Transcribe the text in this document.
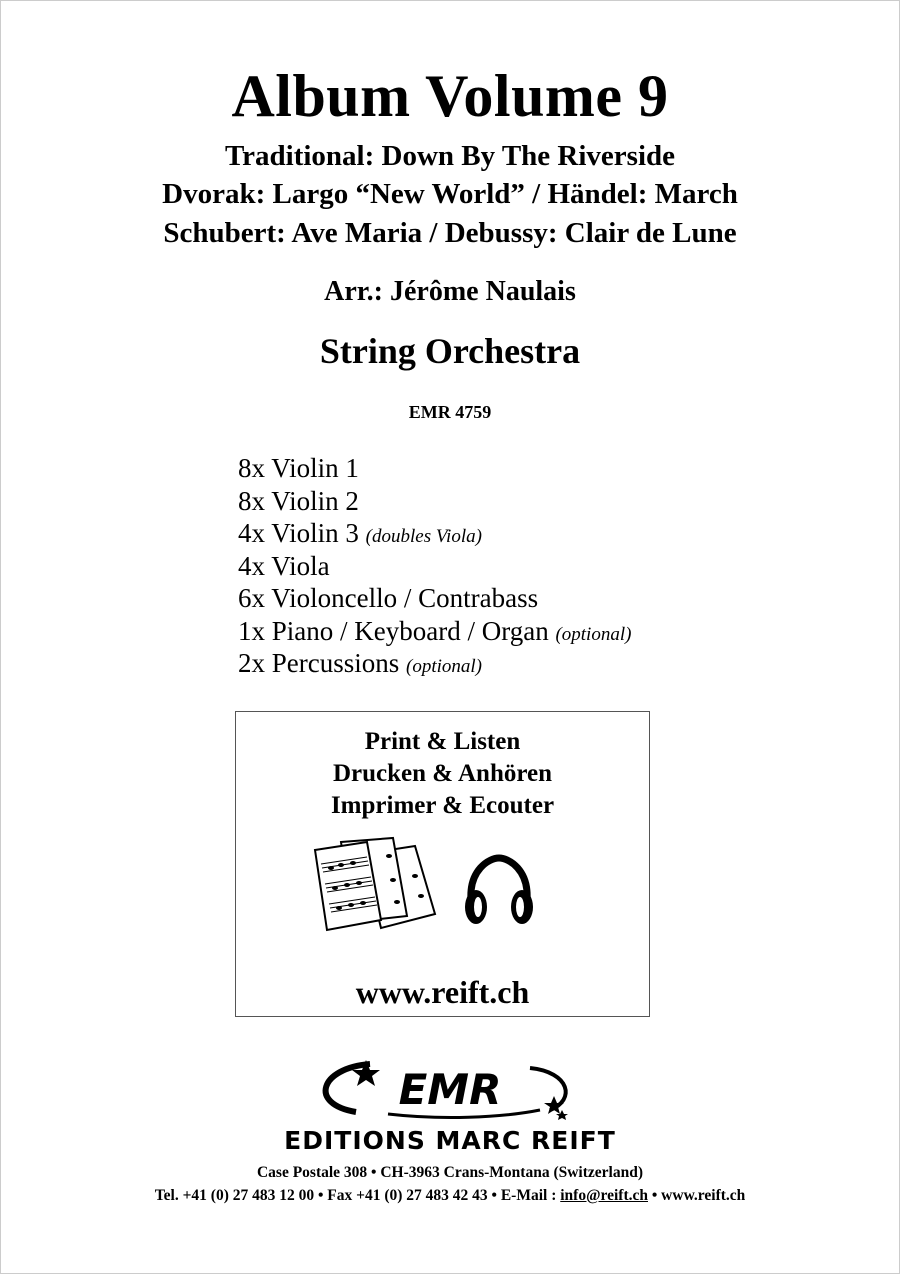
Album Volume 9
Traditional: Down By The Riverside
Dvorak: Largo “New World” / Händel: March
Schubert: Ave Maria / Debussy: Clair de Lune
Arr.: Jérôme Naulais
String Orchestra
EMR 4759
8x Violin 1
8x Violin 2
4x Violin 3 (doubles Viola)
4x Viola
6x Violoncello / Contrabass
1x Piano / Keyboard / Organ (optional)
2x Percussions (optional)
Print & Listen
Drucken & Anhören
Imprimer & Ecouter
www.reift.ch
EMR
EDITIONS MARC REIFT
Case Postale 308 • CH-3963 Crans-Montana (Switzerland)
Tel. +41 (0) 27 483 12 00 • Fax +41 (0) 27 483 42 43 • E-Mail : info@reift.ch • www.reift.ch
